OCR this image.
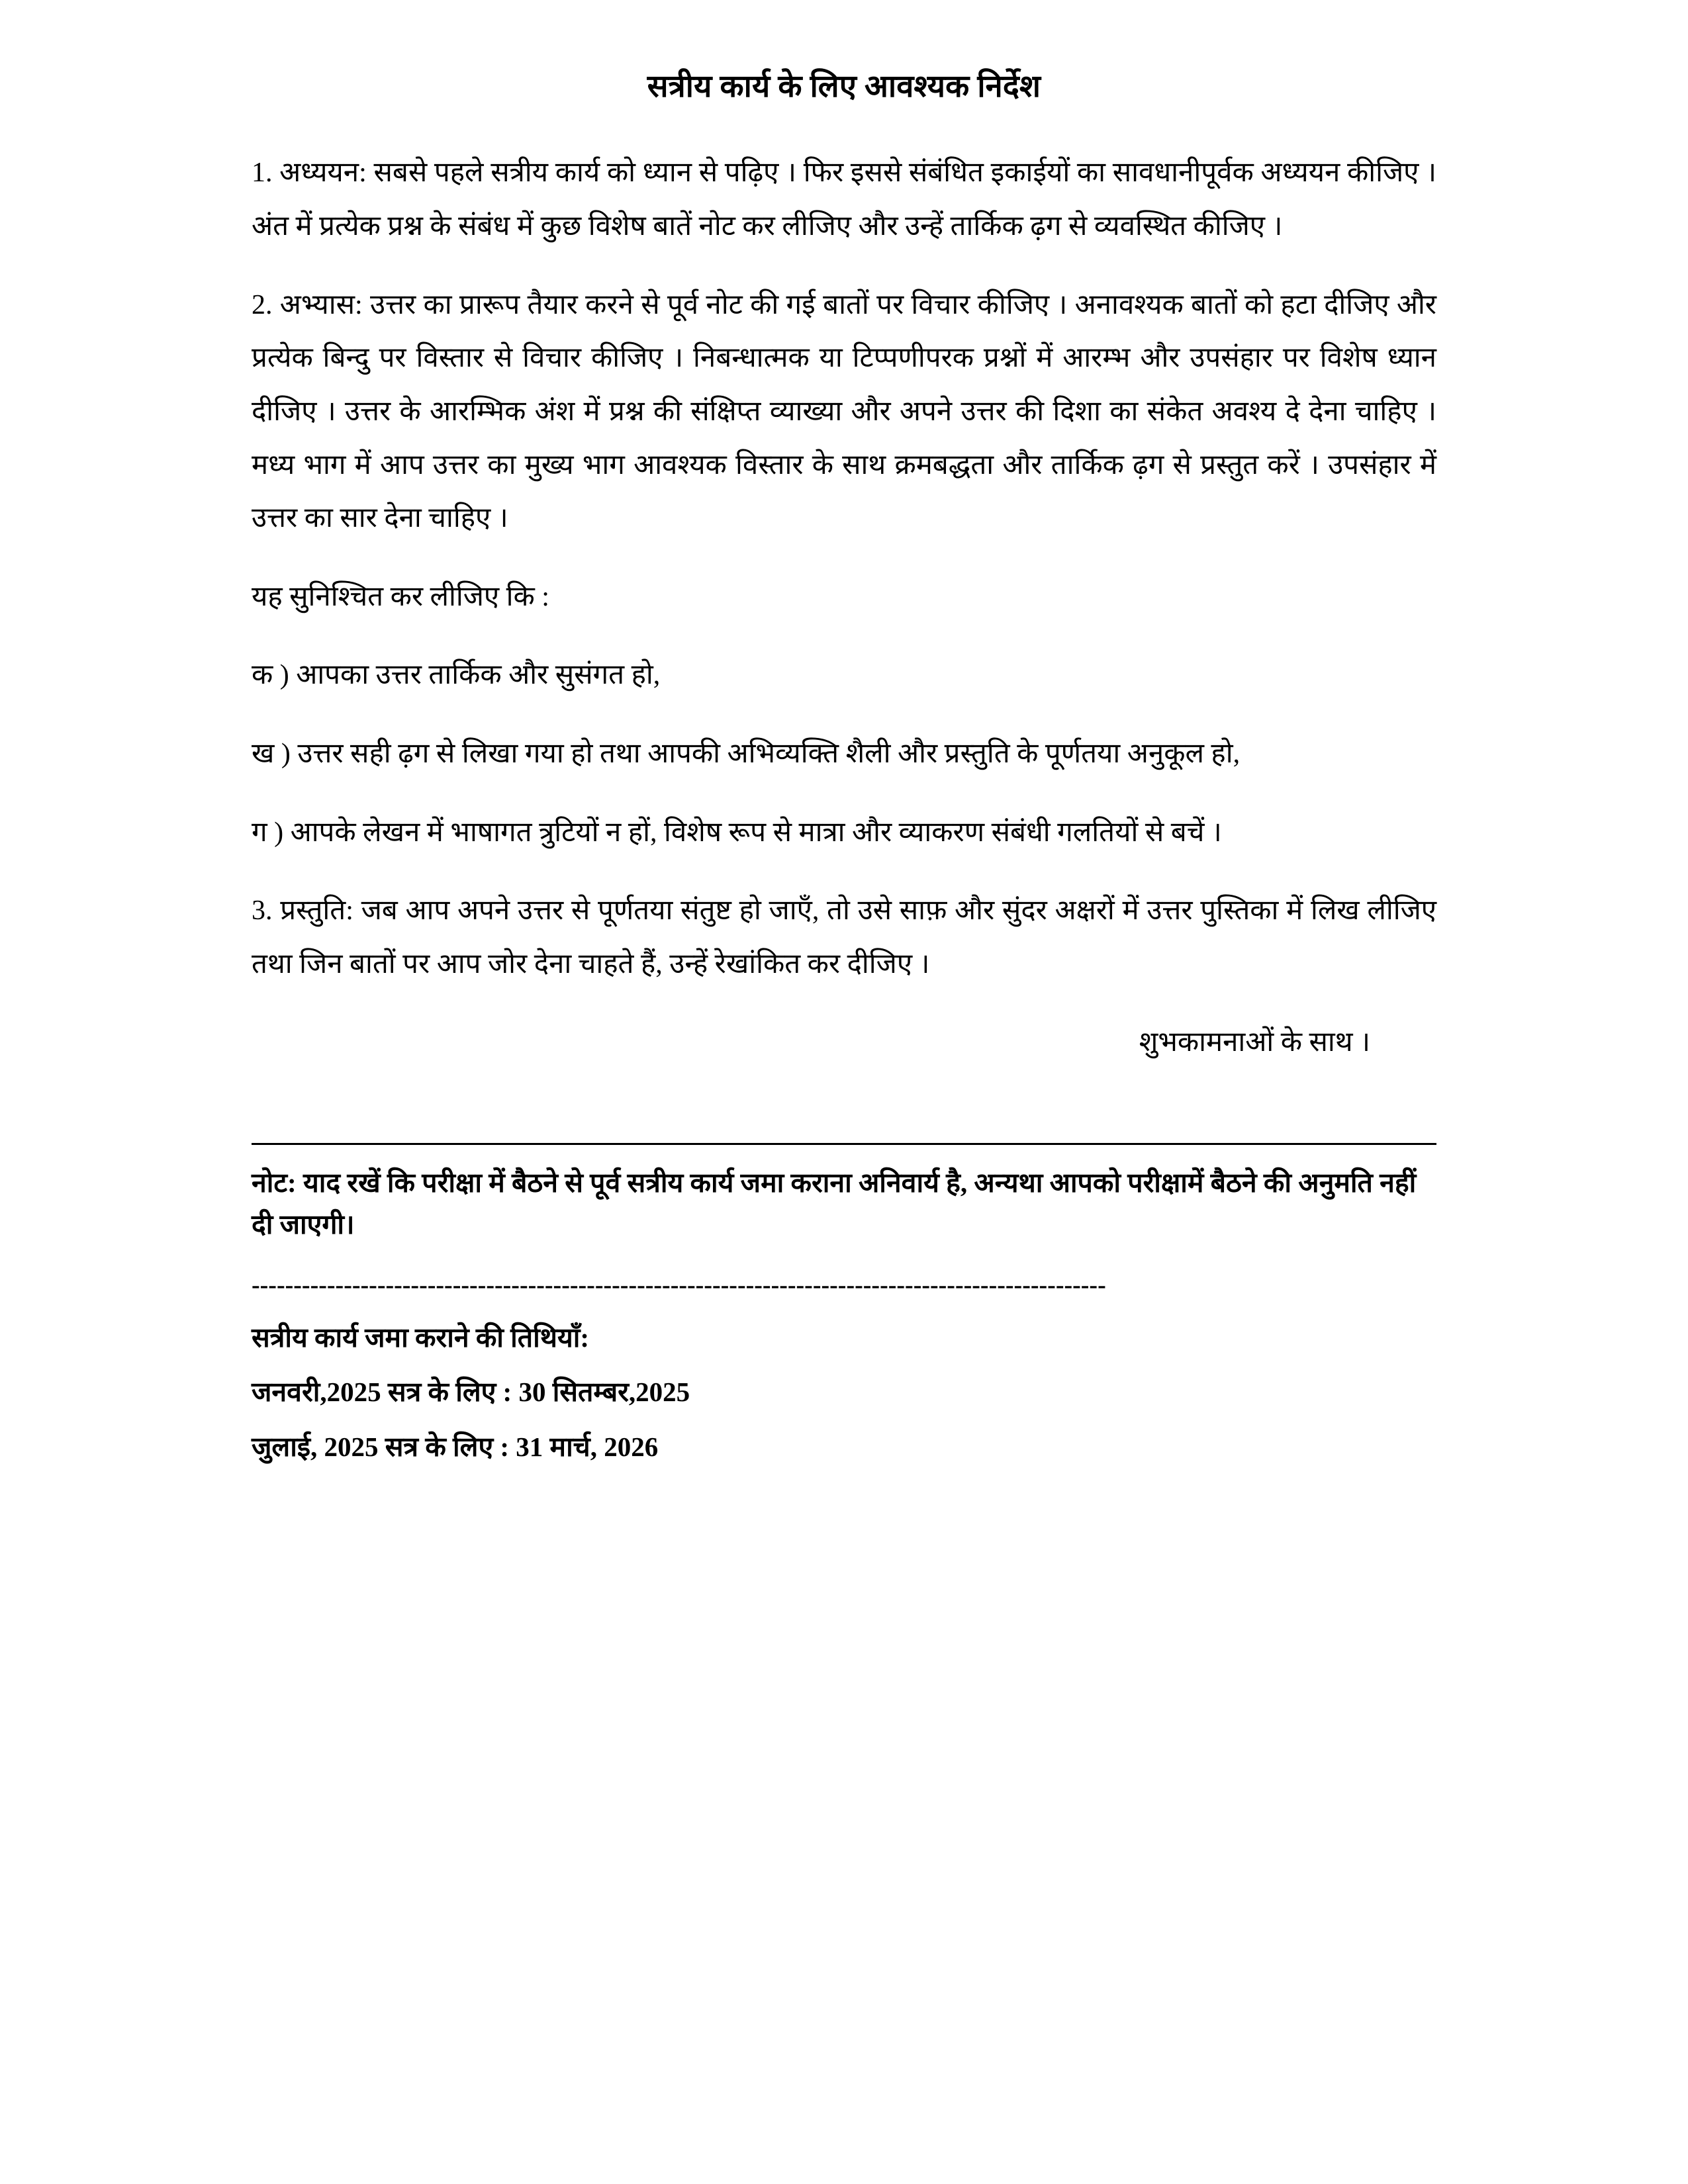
सत्रीय कार्य के लिए आवश्यक निर्देश

1. अध्ययन: सबसे पहले सत्रीय कार्य को ध्यान से पढ़िए । फिर इससे संबंधित इकाईयों का सावधानीपूर्वक अध्ययन कीजिए । अंत में प्रत्येक प्रश्न के संबंध में कुछ विशेष बातें नोट कर लीजिए और उन्हें तार्किक ढ़ग से व्यवस्थित कीजिए ।

2. अभ्यास: उत्तर का प्रारूप तैयार करने से पूर्व नोट की गई बातों पर विचार कीजिए । अनावश्यक बातों को हटा दीजिए और प्रत्येक बिन्दु पर विस्तार से विचार कीजिए । निबन्धात्मक या टिप्पणीपरक प्रश्नों में आरम्भ और उपसंहार पर विशेष ध्यान दीजिए । उत्तर के आरम्भिक अंश में प्रश्न की संक्षिप्त व्याख्या और अपने उत्तर की दिशा का संकेत अवश्य दे देना चाहिए । मध्य भाग में आप उत्तर का मुख्य भाग आवश्यक विस्तार के साथ क्रमबद्धता और तार्किक ढ़ग से प्रस्तुत करें । उपसंहार में उत्तर का सार देना चाहिए ।

यह सुनिश्चित कर लीजिए कि :

क ) आपका उत्तर तार्किक और सुसंगत हो,

ख ) उत्तर सही ढ़ग से लिखा गया हो तथा आपकी अभिव्यक्ति शैली और प्रस्तुति के पूर्णतया अनुकूल हो,

ग ) आपके लेखन में भाषागत त्रुटियों न हों, विशेष रूप से मात्रा और व्याकरण संबंधी गलतियों से बचें ।

3. प्रस्तुति: जब आप अपने उत्तर से पूर्णतया संतुष्ट हो जाएँ, तो उसे साफ़ और सुंदर अक्षरों में उत्तर पुस्तिका में लिख लीजिए तथा जिन बातों पर आप जोर देना चाहते हैं, उन्हें रेखांकित कर दीजिए ।

शुभकामनाओं के साथ ।

नोट: याद रखें कि परीक्षा में बैठने से पूर्व सत्रीय कार्य जमा कराना अनिवार्य है, अन्यथा आपको परीक्षामें बैठने की अनुमति नहीं दी जाएगी।

------------------------------------------------------------------------------------------------------

सत्रीय कार्य जमा कराने की तिथियाँ:

जनवरी,2025 सत्र के लिए : 30 सितम्बर,2025

जुलाई, 2025 सत्र के लिए : 31 मार्च, 2026
